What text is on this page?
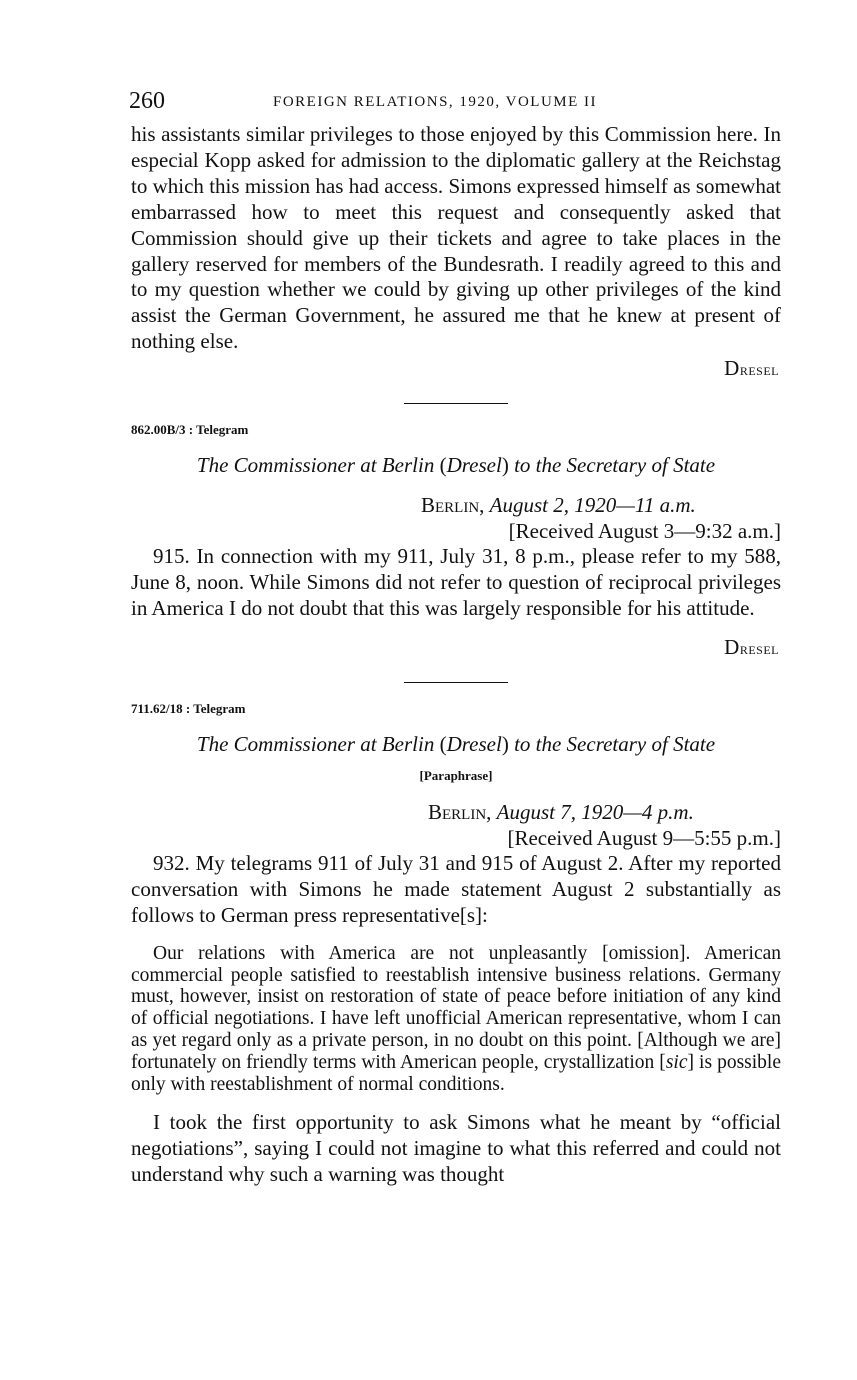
260	FOREIGN RELATIONS, 1920, VOLUME II

his assistants similar privileges to those enjoyed by this Commission here. In especial Kopp asked for admission to the diplomatic gallery at the Reichstag to which this mission has had access. Simons expressed himself as somewhat embarrassed how to meet this request and consequently asked that Commission should give up their tickets and agree to take places in the gallery reserved for members of the Bundesrath. I readily agreed to this and to my question whether we could by giving up other privileges of the kind assist the German Government, he assured me that he knew at present of nothing else.

Dresel
862.00B/3 : Telegram
The Commissioner at Berlin (Dresel) to the Secretary of State
Berlin, August 2, 1920—11 a.m.
[Received August 3—9:32 a.m.]

915. In connection with my 911, July 31, 8 p.m., please refer to my 588, June 8, noon. While Simons did not refer to question of reciprocal privileges in America I do not doubt that this was largely responsible for his attitude.

Dresel
711.62/18 : Telegram
The Commissioner at Berlin (Dresel) to the Secretary of State
[Paraphrase]
Berlin, August 7, 1920—4 p.m.
[Received August 9—5:55 p.m.]

932. My telegrams 911 of July 31 and 915 of August 2. After my reported conversation with Simons he made statement August 2 substantially as follows to German press representative[s]:

Our relations with America are not unpleasantly [omission]. American commercial people satisfied to reestablish intensive business relations. Germany must, however, insist on restoration of state of peace before initiation of any kind of official negotiations. I have left unofficial American representative, whom I can as yet regard only as a private person, in no doubt on this point. [Although we are] fortunately on friendly terms with American people, crystallization [sic] is possible only with reestablishment of normal conditions.

I took the first opportunity to ask Simons what he meant by “official negotiations”, saying I could not imagine to what this referred and could not understand why such a warning was thought
